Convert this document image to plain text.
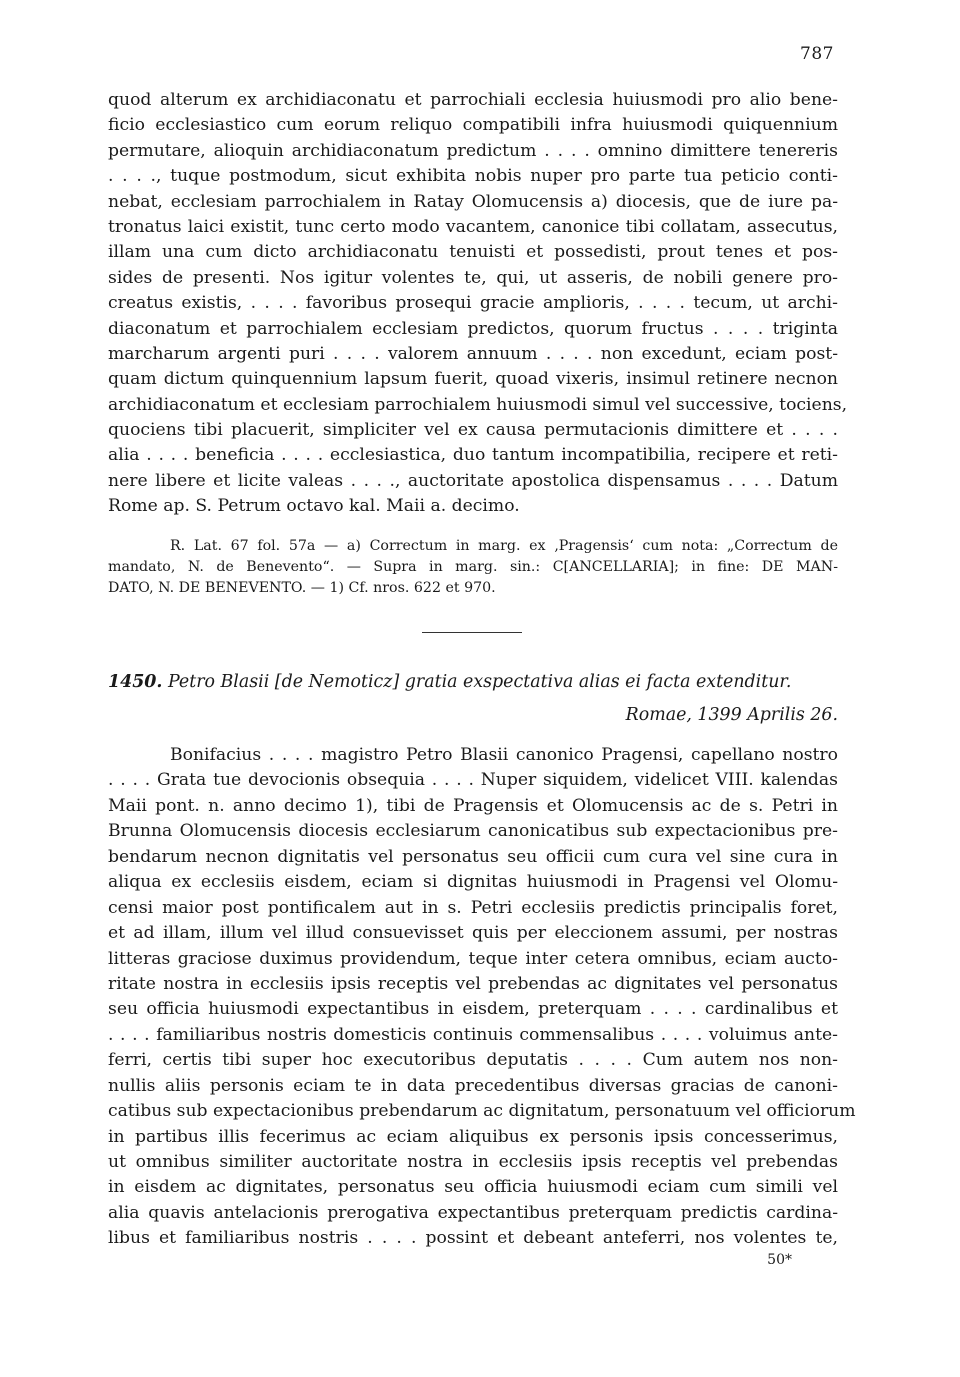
787
quod alterum ex archidiaconatu et parrochiali ecclesia huiusmodi pro alio bene-
ficio ecclesiastico cum eorum reliquo compatibili infra huiusmodi quiquennium
permutare, alioquin archidiaconatum predictum . . . . omnino dimittere tenereris
. . . ., tuque postmodum, sicut exhibita nobis nuper pro parte tua peticio conti-
nebat, ecclesiam parrochialem in Ratay Olomucensis a) diocesis, que de iure pa-
tronatus laici existit, tunc certo modo vacantem, canonice tibi collatam, assecutus,
illam una cum dicto archidiaconatu tenuisti et possedisti, prout tenes et pos-
sides de presenti. Nos igitur volentes te, qui, ut asseris, de nobili genere pro-
creatus existis, . . . . favoribus prosequi gracie amplioris, . . . . tecum, ut archi-
diaconatum et parrochialem ecclesiam predictos, quorum fructus . . . . triginta
marcharum argenti puri . . . . valorem annuum . . . . non excedunt, eciam post-
quam dictum quinquennium lapsum fuerit, quoad vixeris, insimul retinere necnon
archidiaconatum et ecclesiam parrochialem huiusmodi simul vel successive, tociens,
quociens tibi placuerit, simpliciter vel ex causa permutacionis dimittere et . . . .
alia . . . . beneficia . . . . ecclesiastica, duo tantum incompatibilia, recipere et reti-
nere libere et licite valeas . . . ., auctoritate apostolica dispensamus . . . . Datum
Rome ap. S. Petrum octavo kal. Maii a. decimo.
R. Lat. 67 fol. 57a — a) Correctum in marg. ex ‚Pragensis‘ cum nota: „Correctum de
mandato, N. de Benevento“. — Supra in marg. sin.: C[ANCELLARIA]; in fine: DE MAN-
DATO, N. DE BENEVENTO. — 1) Cf. nros. 622 et 970.
1450. Petro Blasii [de Nemoticz] gratia exspectativa alias ei facta extenditur.
Romae, 1399 Aprilis 26.
Bonifacius . . . . magistro Petro Blasii canonico Pragensi, capellano nostro
. . . . Grata tue devocionis obsequia . . . . Nuper siquidem, videlicet VIII. kalendas
Maii pont. n. anno decimo 1), tibi de Pragensis et Olomucensis ac de s. Petri in
Brunna Olomucensis diocesis ecclesiarum canonicatibus sub expectacionibus pre-
bendarum necnon dignitatis vel personatus seu officii cum cura vel sine cura in
aliqua ex ecclesiis eisdem, eciam si dignitas huiusmodi in Pragensi vel Olomu-
censi maior post pontificalem aut in s. Petri ecclesiis predictis principalis foret,
et ad illam, illum vel illud consuevisset quis per eleccionem assumi, per nostras
litteras graciose duximus providendum, teque inter cetera omnibus, eciam aucto-
ritate nostra in ecclesiis ipsis receptis vel prebendas ac dignitates vel personatus
seu officia huiusmodi expectantibus in eisdem, preterquam . . . . cardinalibus et
. . . . familiaribus nostris domesticis continuis commensalibus . . . . voluimus ante-
ferri, certis tibi super hoc executoribus deputatis . . . . Cum autem nos non-
nullis aliis personis eciam te in data precedentibus diversas gracias de canoni-
catibus sub expectacionibus prebendarum ac dignitatum, personatuum vel officiorum
in partibus illis fecerimus ac eciam aliquibus ex personis ipsis concesserimus,
ut omnibus similiter auctoritate nostra in ecclesiis ipsis receptis vel prebendas
in eisdem ac dignitates, personatus seu officia huiusmodi eciam cum simili vel
alia quavis antelacionis prerogativa expectantibus preterquam predictis cardina-
libus et familiaribus nostris . . . . possint et debeant anteferri, nos volentes te,
50*
